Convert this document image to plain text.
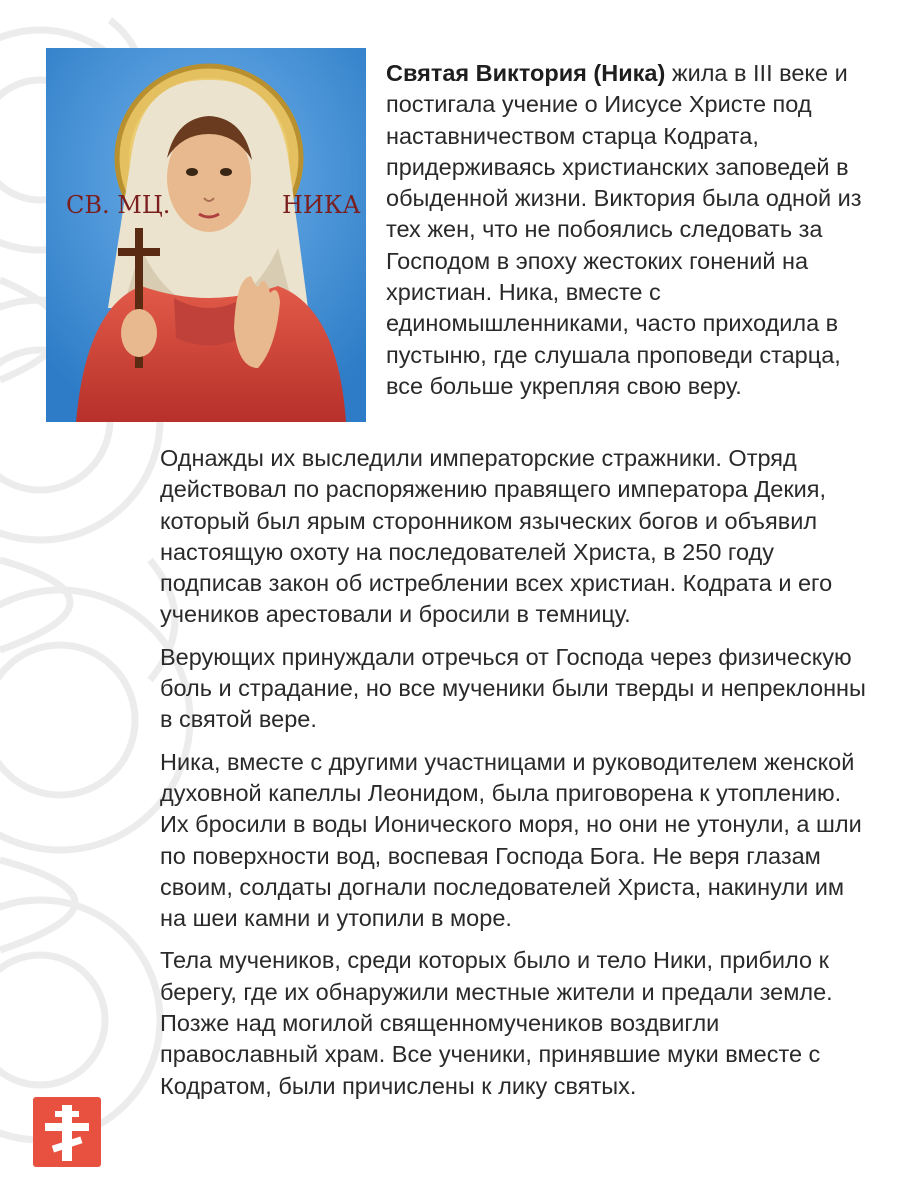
СВ. МЦ.	НИКА

Святая Виктория (Ника) жила в III веке и постигала учение о Иисусе Христе под наставничеством старца Кодрата, придерживаясь христианских заповедей в обыденной жизни. Виктория была одной из тех жен, что не побоялись следовать за Господом в эпоху жестоких гонений на христиан. Ника, вместе с единомышленниками, часто приходила в пустыню, где слушала проповеди старца, все больше укрепляя свою веру.

Однажды их выследили императорские стражники. Отряд действовал по распоряжению правящего императора Декия, который был ярым сторонником языческих богов и объявил настоящую охоту на последователей Христа, в 250 году подписав закон об истреблении всех христиан. Кодрата и его учеников арестовали и бросили в темницу.

Верующих принуждали отречься от Господа через физическую боль и страдание, но все мученики были тверды и непреклонны в святой вере.

Ника, вместе с другими участницами и руководителем женской духовной капеллы Леонидом, была приговорена к утоплению. Их бросили в воды Ионического моря, но они не утонули, а шли по поверхности вод, воспевая Господа Бога. Не веря глазам своим, солдаты догнали последователей Христа, накинули им на шеи камни и утопили в море.

Тела мучеников, среди которых было и тело Ники, прибило к берегу, где их обнаружили местные жители и предали земле. Позже над могилой священномучеников воздвигли православный храм. Все ученики, принявшие муки вместе с Кодратом, были причислены к лику святых.
